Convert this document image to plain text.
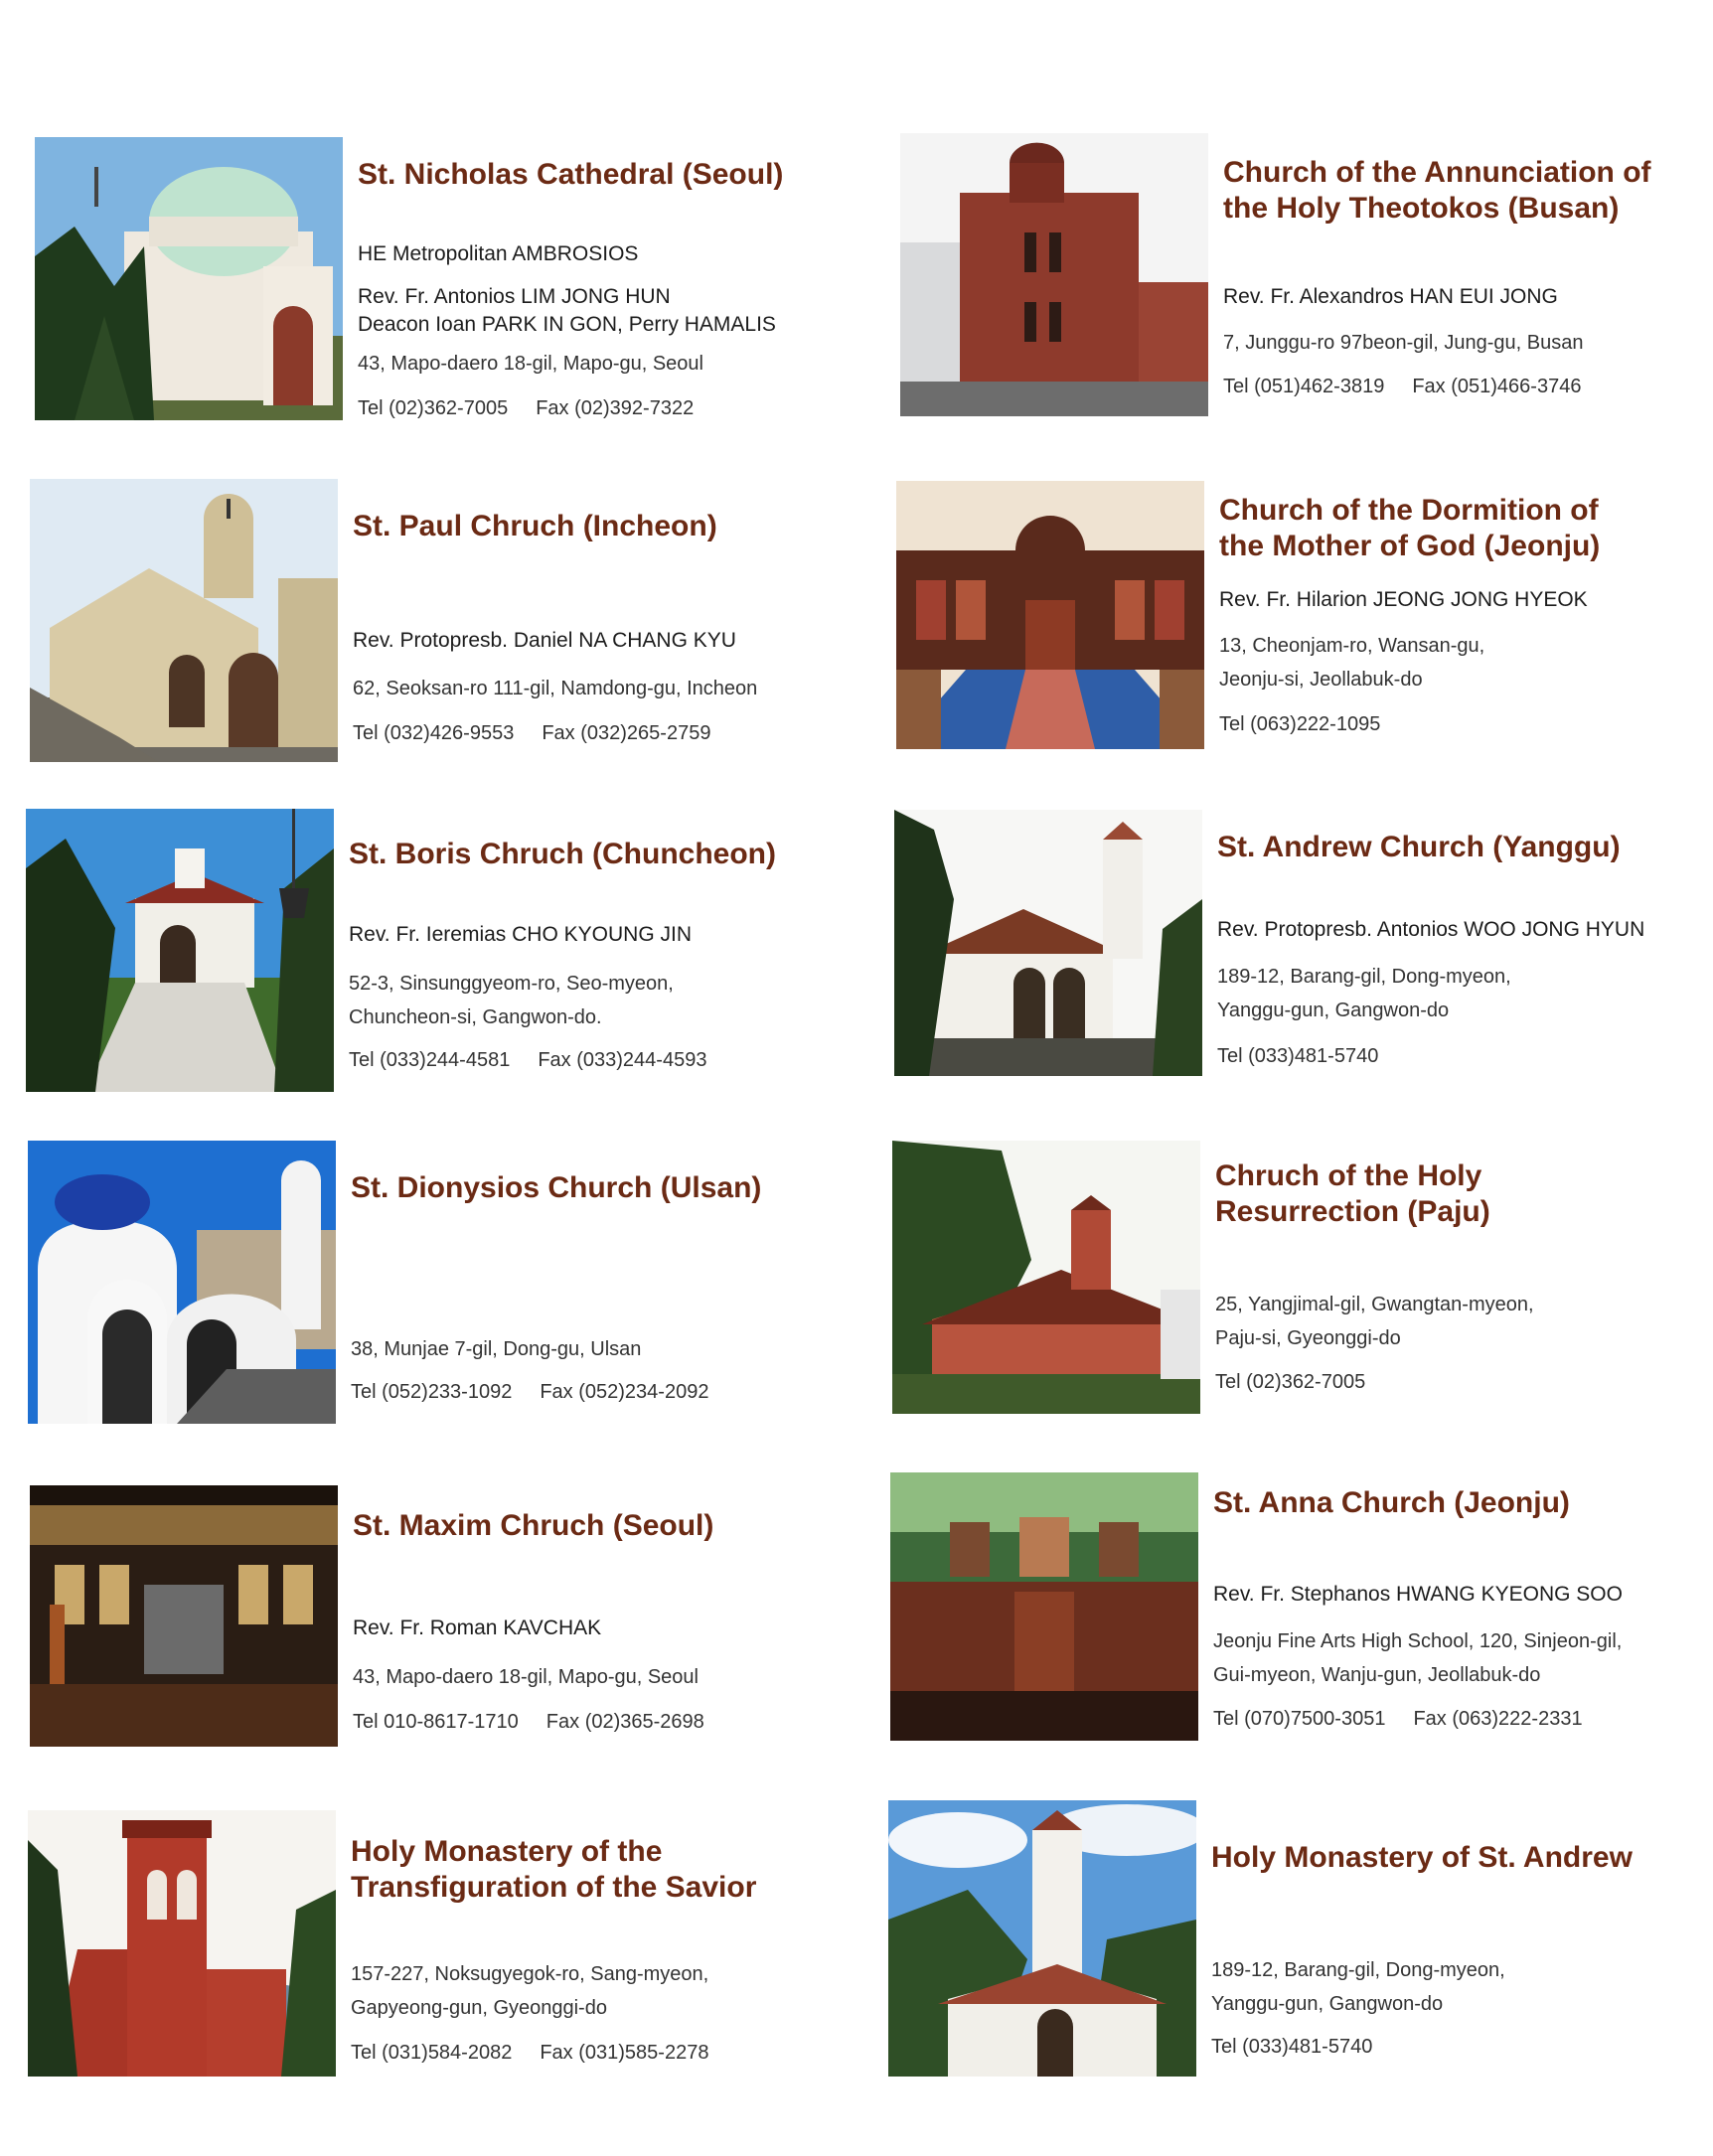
St. Nicholas Cathedral (Seoul)
HE Metropolitan AMBROSIOS
Rev. Fr. Antonios LIM JONG HUN
Deacon Ioan PARK IN GON, Perry HAMALIS
43, Mapo-daero 18-gil, Mapo-gu, Seoul
Tel (02)362-7005 Fax (02)392-7322
St. Paul Chruch (Incheon)
Rev. Protopresb. Daniel NA CHANG KYU
62, Seoksan-ro 111-gil, Namdong-gu, Incheon
Tel (032)426-9553 Fax (032)265-2759
St. Boris Chruch (Chuncheon)
Rev. Fr. Ieremias CHO KYOUNG JIN
52-3, Sinsunggyeom-ro, Seo-myeon,
Chuncheon-si, Gangwon-do.
Tel (033)244-4581 Fax (033)244-4593
St. Dionysios Church (Ulsan)
38, Munjae 7-gil, Dong-gu, Ulsan
Tel (052)233-1092 Fax (052)234-2092
St. Maxim Chruch (Seoul)
Rev. Fr. Roman KAVCHAK
43, Mapo-daero 18-gil, Mapo-gu, Seoul
Tel 010-8617-1710 Fax (02)365-2698
Holy Monastery of the
Transfiguration of the Savior
157-227, Noksugyegok-ro, Sang-myeon,
Gapyeong-gun, Gyeonggi-do
Tel (031)584-2082 Fax (031)585-2278
Church of the Annunciation of
the Holy Theotokos (Busan)
Rev. Fr. Alexandros HAN EUI JONG
7, Junggu-ro 97beon-gil, Jung-gu, Busan
Tel (051)462-3819 Fax (051)466-3746
Church of the Dormition of
the Mother of God (Jeonju)
Rev. Fr. Hilarion JEONG JONG HYEOK
13, Cheonjam-ro, Wansan-gu,
Jeonju-si, Jeollabuk-do
Tel (063)222-1095
St. Andrew Church (Yanggu)
Rev. Protopresb. Antonios WOO JONG HYUN
189-12, Barang-gil, Dong-myeon,
Yanggu-gun, Gangwon-do
Tel (033)481-5740
Chruch of the Holy
Resurrection (Paju)
25, Yangjimal-gil, Gwangtan-myeon,
Paju-si, Gyeonggi-do
Tel (02)362-7005
St. Anna Church (Jeonju)
Rev. Fr. Stephanos HWANG KYEONG SOO
Jeonju Fine Arts High School, 120, Sinjeon-gil,
Gui-myeon, Wanju-gun, Jeollabuk-do
Tel (070)7500-3051 Fax (063)222-2331
Holy Monastery of St. Andrew
189-12, Barang-gil, Dong-myeon,
Yanggu-gun, Gangwon-do
Tel (033)481-5740
